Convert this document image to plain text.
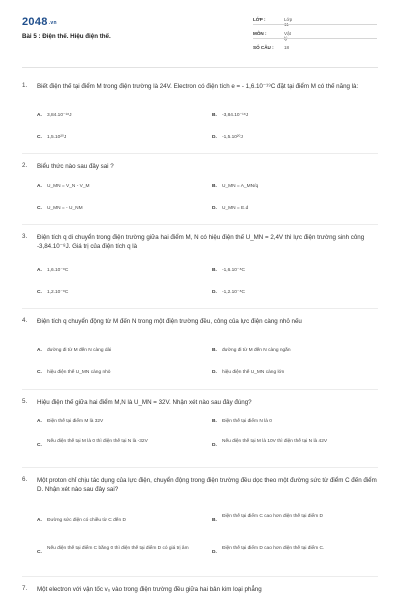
2048.vn
Bài 5 : Điện thế. Hiệu điện thế.
LỚP :	Lớp 11
MÔN :	Vật lý
SỐ CÂU :	18
1. Biết điện thế tại điểm M trong điện trường là 24V. Electron có điện tích e = - 1,6.10⁻¹⁹C đặt tại điểm M có thế năng là:
A. 3,84.10⁻¹⁸J	B. -3,84.10⁻¹⁸J
C. 1,5.10²⁰J	D. -1,5.10²⁰J
2. Biểu thức nào sau đây sai ?
A. U_MN = V_N - V_M	B. U_MN = A_MN/q
C. U_MN = - U_NM	D. U_MN = E.d
3. Điện tích q di chuyển trong điện trường giữa hai điểm M, N có hiệu điện thế U_MN = 2,4V thì lực điện trường sinh công -3,84.10⁻⁸J. Giá trị của điện tích q là
A. 1,6.10⁻⁸C	B. -1,6.10⁻⁸C
C. 1,2.10⁻⁸C	D. -1,2.10⁻⁸C
4. Điện tích q chuyển động từ M đến N trong một điện trường đều, công của lực điện càng nhỏ nếu
A. đường đi từ M đến N càng dài	B. đường đi từ M đến N càng ngắn
C. hiệu điện thế U_MN càng nhỏ	D. hiệu điện thế U_MN càng lớn
5. Hiệu điện thế giữa hai điểm M,N là U_MN = 32V. Nhận xét nào sau đây đúng?
A. Điện thế tại điểm M là 32V	B. Điện thế tại điểm N là 0
C.
Nếu điện thế tại M là 0 thì điện thế tại N là -32V
D.
Nếu điện thế tại M là 10V thì điện thế tại N là 42V
6. Một proton chỉ chịu tác dụng của lực điện, chuyển động trong điện trường đều dọc theo một đường sức từ điểm C đến điểm D. Nhận xét nào sau đây sai?
A. Đường sức điện có chiều từ C đến D	B.
Điện thế tại điểm C cao hơn điện thế tại điểm D
C.
Nếu điện thế tại điểm C bằng 0 thì điện thế tại điểm D có giá trị âm
D.
Điện thế tại điểm D cao hơn điện thế tại điểm C.
7. Một electron với vận tốc v₀ vào trong điện trường đều giữa hai bản kim loại phẳng
